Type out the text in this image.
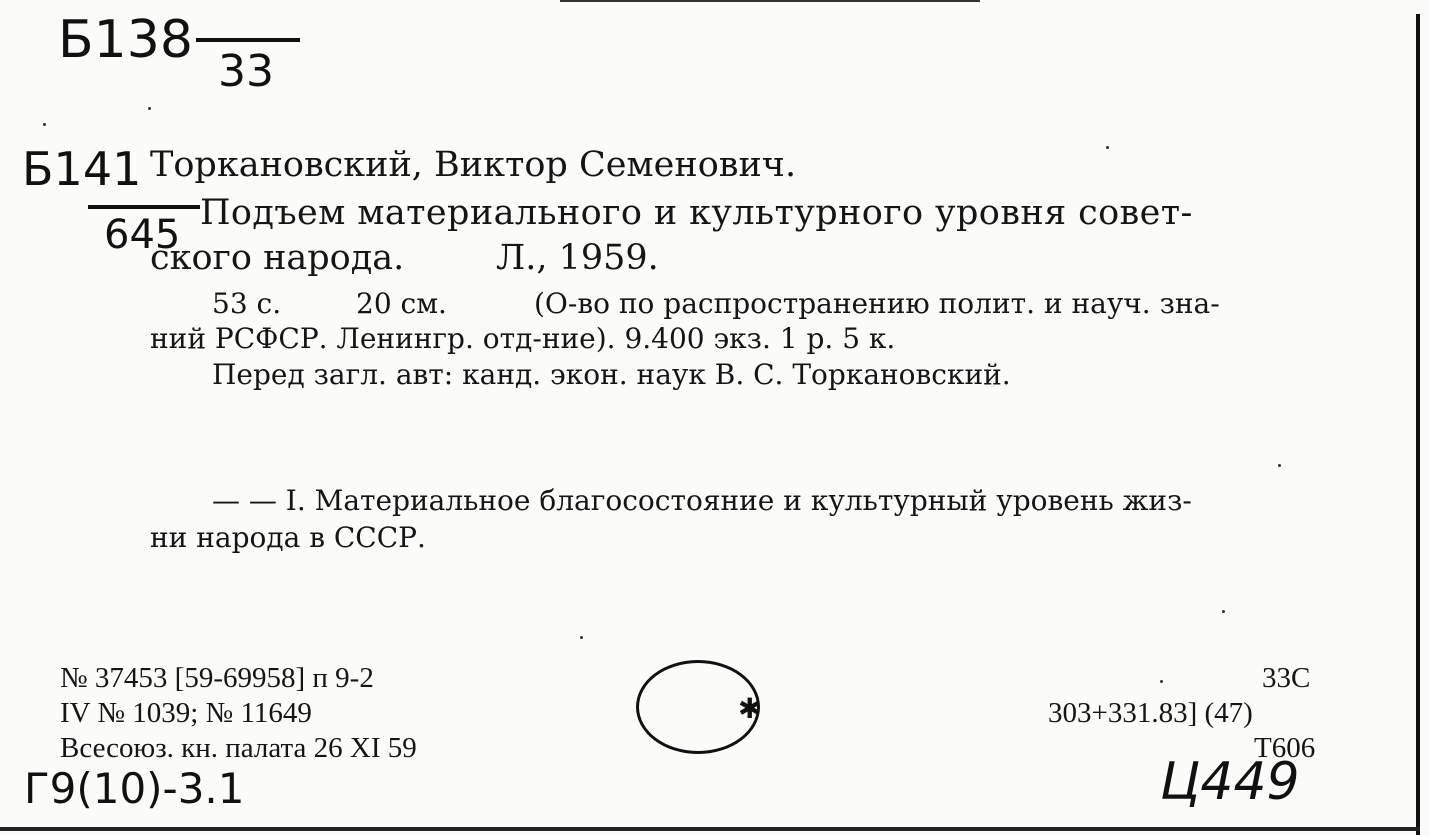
Б138
33
Б141
645
Торкановский, Виктор Семенович.
Подъем материального и культурного уровня совет-
ского народа.	Л., 1959.
53 с.	20 см.	(О-во по распространению полит. и науч. зна-
ний РСФСР. Ленингр. отд-ние). 9.400 экз. 1 р. 5 к.
Перед загл. авт: канд. экон. наук В. С. Торкановский.
— — I. Материальное благосостояние и культурный уровень жиз-
ни народа в СССР.
№ 37453 [59-69958] п 9-2
IV № 1039; № 11649
Всесоюз. кн. палата 26 XI 59
33С
303+331.83] (47)
Т606
✱
Г9(10)-3.1	Ц449
